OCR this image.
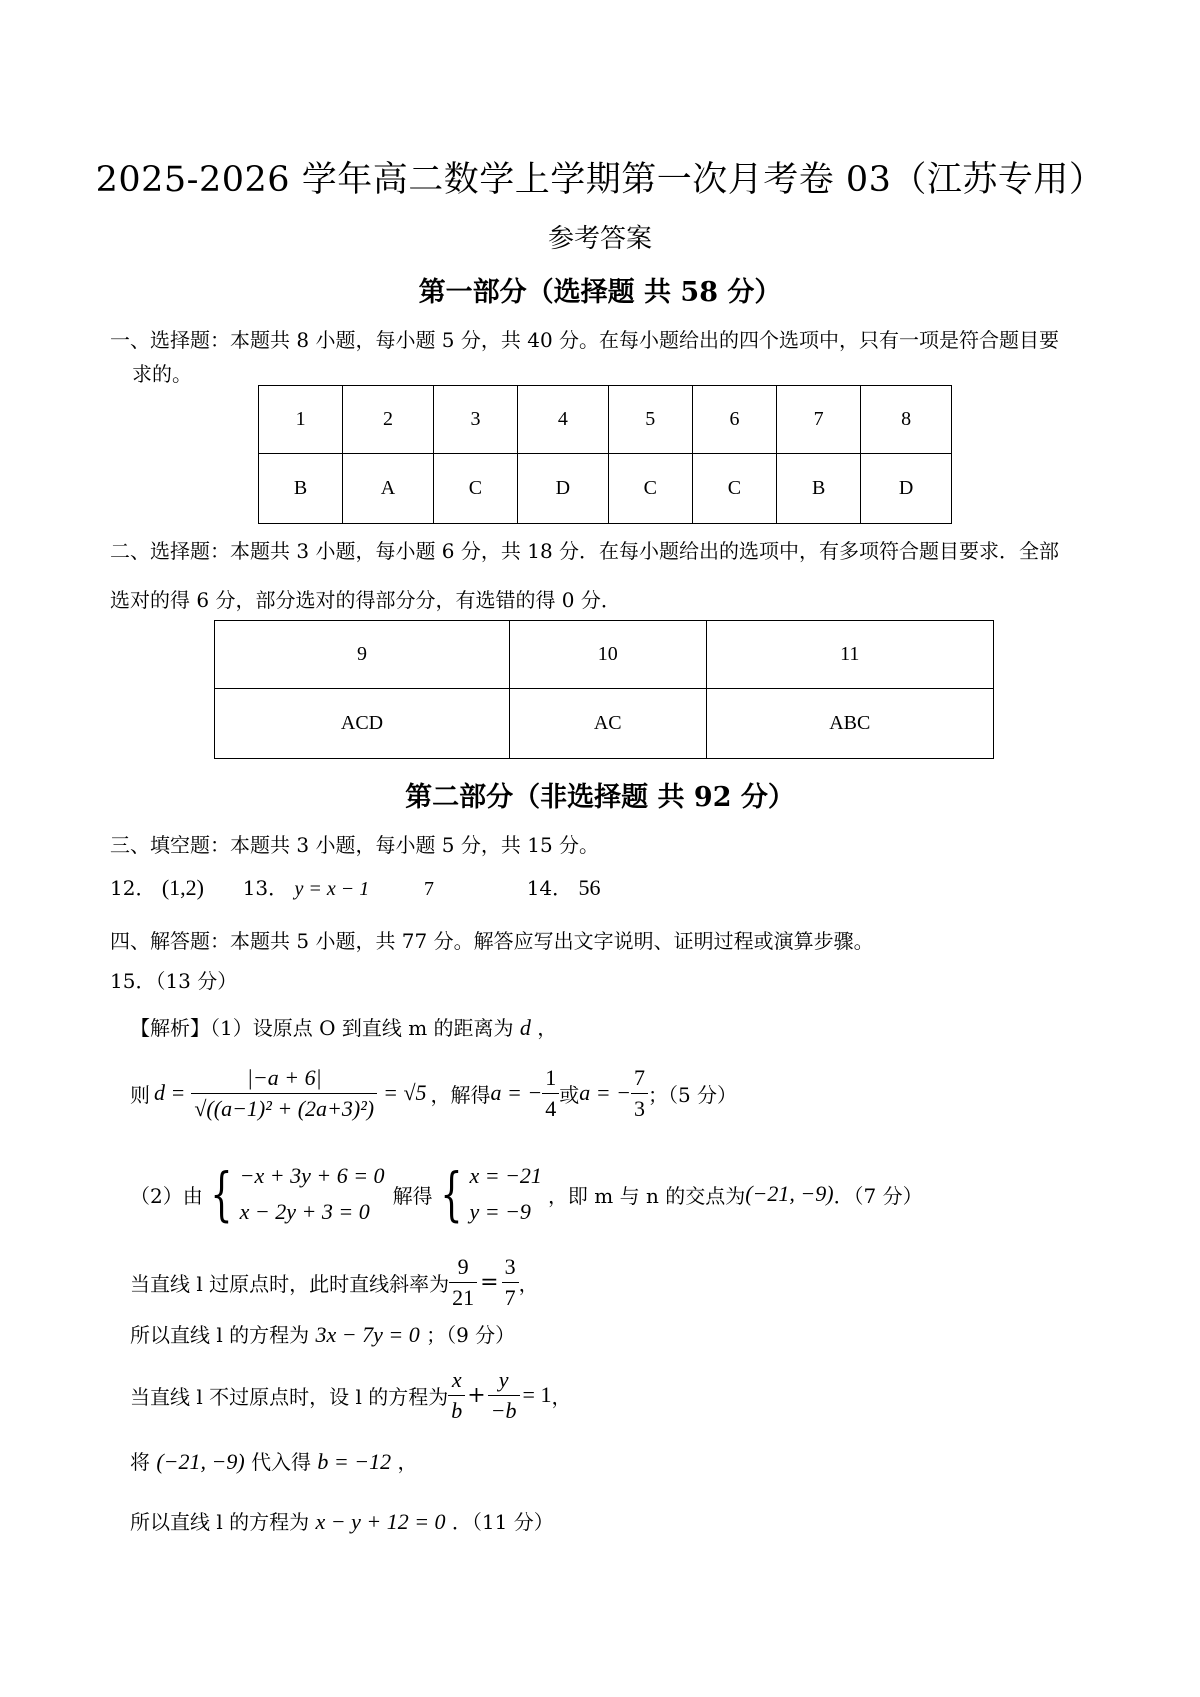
2025-2026 学年高二数学上学期第一次月考卷 03（江苏专用）
参考答案
第一部分（选择题 共 58 分）
一、选择题：本题共 8 小题，每小题 5 分，共 40 分。在每小题给出的四个选项中，只有一项是符合题目要
求的。
1	2	3	4	5	6	7	8
B	A	C	D	C	C	B	D
二、选择题：本题共 3 小题，每小题 6 分，共 18 分．在每小题给出的选项中，有多项符合题目要求．全部
选对的得 6 分，部分选对的得部分分，有选错的得 0 分．
9	10	11
ACD	AC	ABC
第二部分（非选择题 共 92 分）
三、填空题：本题共 3 小题，每小题 5 分，共 15 分。
12． (1,2) 13． y = x − 1	7	14． 56
四、解答题：本题共 5 小题，共 77 分。解答应写出文字说明、证明过程或演算步骤。
15．（13 分）
【解析】（1）设原点 O 到直线 m 的距离为 d ，
则 $d = \frac{|-a + 6|}{\text{√((a−1)² + (2a+3)²)}} = √5$ ，解得 a = − $\frac{1}{4}$ 或 a = − $\frac{7}{3}$ ；（5 分）
（2）由 { −x + 3y + 6 = 0
x − 2y + 3 = 0
解得 { x = −21
y = −9
，即 m 与 n 的交点为 (−21, −9) ．（7 分）
当直线 l 过原点时，此时直线斜率为 $\frac{9}{21} = \frac{3}{7}$ ，
所以直线 l 的方程为 3x − 7y = 0 ；（9 分）
当直线 l 不过原点时，设 l 的方程为 $\frac{x}{b} + \frac{y}{-b} = 1$ ，
将 (−21, −9) 代入得 b = −12 ，
所以直线 l 的方程为 x − y + 12 = 0 ．（11 分）
